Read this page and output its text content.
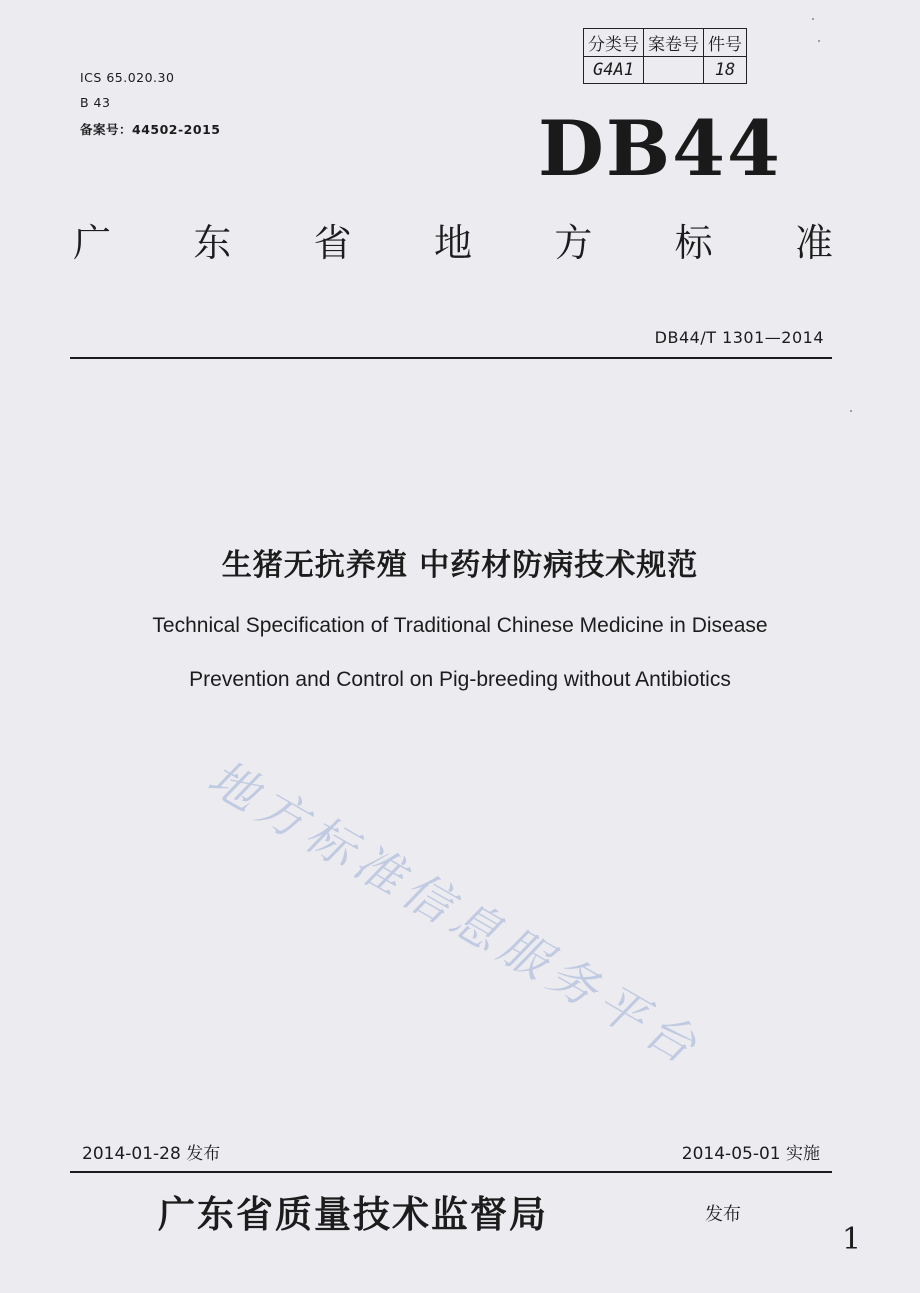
分类号	案卷号	件号
G4A1		18
ICS 65.020.30
B 43
备案号：44502-2015	DB44
广 东 省 地 方 标 准
DB44/T 1301—2014
生猪无抗养殖 中药材防病技术规范
Technical Specification of Traditional Chinese Medicine in Disease
Prevention and Control on Pig-breeding without Antibiotics
地方标准信息服务平台
2014-01-28 发布	2014-05-01 实施
广东省质量技术监督局	发布
1
